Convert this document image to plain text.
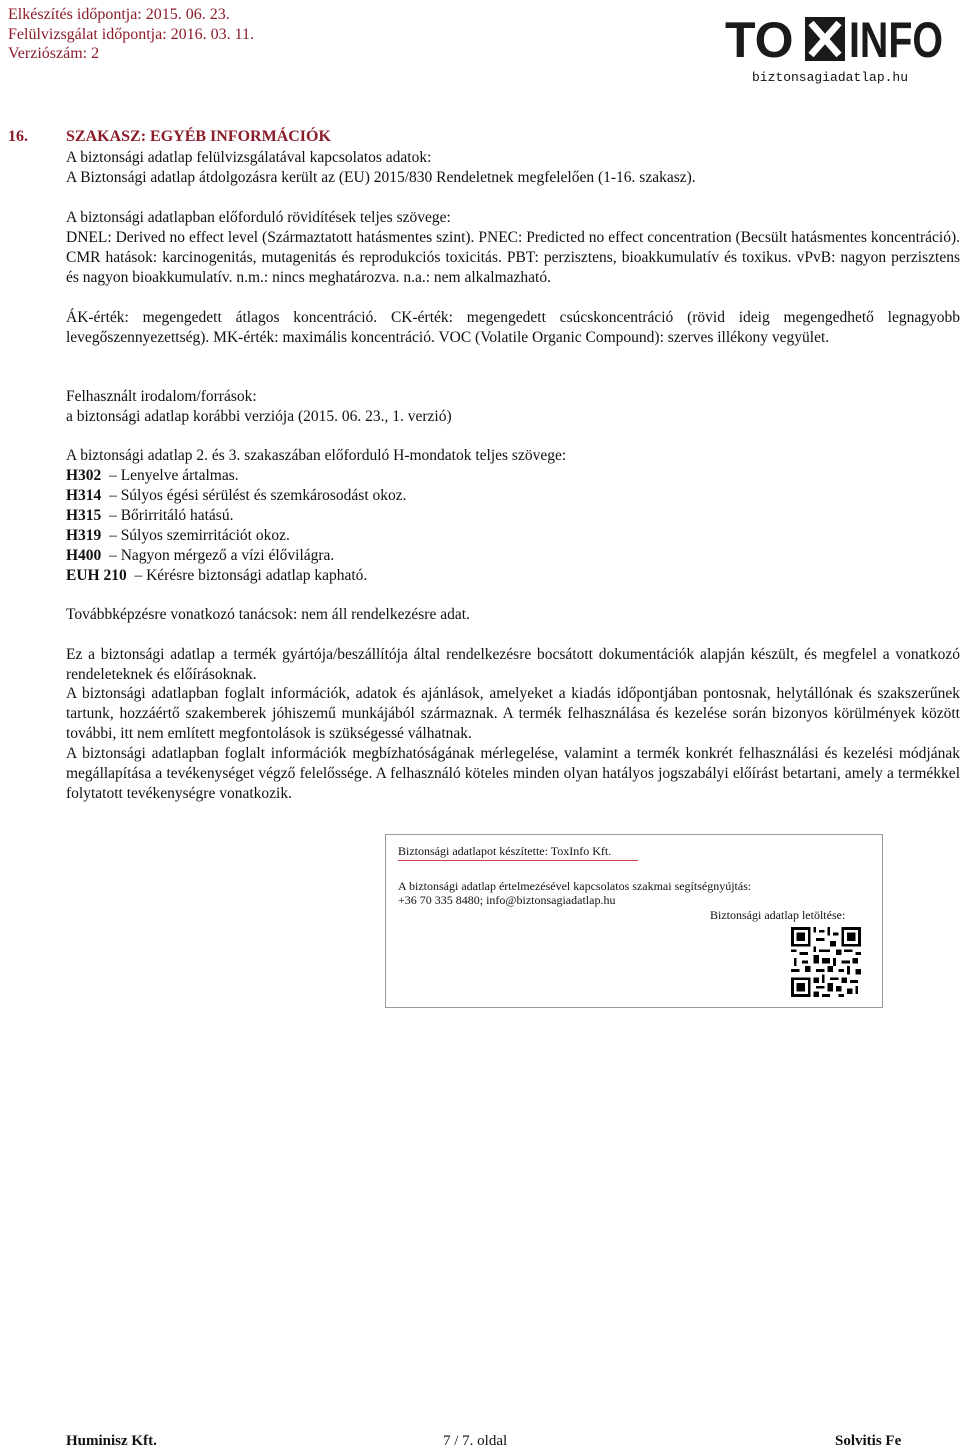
Elkészítés időpontja: 2015. 06. 23.
Felülvizsgálat időpontja: 2016. 03. 11.
Verziószám: 2	TO INFO
biztonsagiadatlap.hu
16. SZAKASZ: EGYÉB INFORMÁCIÓK
A biztonsági adatlap felülvizsgálatával kapcsolatos adatok:
A Biztonsági adatlap átdolgozásra került az (EU) 2015/830 Rendeletnek megfelelően (1-16. szakasz).
A biztonsági adatlapban előforduló rövidítések teljes szövege:
DNEL: Derived no effect level (Származtatott hatásmentes szint). PNEC: Predicted no effect concentration (Becsült hatásmentes koncentráció). CMR hatások: karcinogenitás, mutagenitás és reprodukciós toxicitás. PBT: perzisztens, bioakkumulatív és toxikus. vPvB: nagyon perzisztens és nagyon bioakkumulatív. n.m.: nincs meghatározva. n.a.: nem alkalmazható.
ÁK-érték: megengedett átlagos koncentráció. CK-érték: megengedett csúcskoncentráció (rövid ideig megengedhető legnagyobb levegőszennyezettség). MK-érték: maximális koncentráció. VOC (Volatile Organic Compound): szerves illékony vegyület.
Felhasznált irodalom/források:
a biztonsági adatlap korábbi verziója (2015. 06. 23., 1. verzió)
A biztonsági adatlap 2. és 3. szakaszában előforduló H-mondatok teljes szövege:
H302  – Lenyelve ártalmas.
H314  – Súlyos égési sérülést és szemkárosodást okoz.
H315  – Bőrirritáló hatású.
H319  – Súlyos szemirritációt okoz.
H400  – Nagyon mérgező a vízi élővilágra.
EUH 210  – Kérésre biztonsági adatlap kapható.
Továbbképzésre vonatkozó tanácsok: nem áll rendelkezésre adat.
Ez a biztonsági adatlap a termék gyártója/beszállítója által rendelkezésre bocsátott dokumentációk alapján készült, és megfelel a vonatkozó rendeleteknek és előírásoknak.
A biztonsági adatlapban foglalt információk, adatok és ajánlások, amelyeket a kiadás időpontjában pontosnak, helytállónak és szakszerűnek tartunk, hozzáértő szakemberek jóhiszemű munkájából származnak. A termék felhasználása és kezelése során bizonyos körülmények között további, itt nem említett megfontolások is szükségessé válhatnak.
A biztonsági adatlapban foglalt információk megbízhatóságának mérlegelése, valamint a termék konkrét felhasználási és kezelési módjának megállapítása a tevékenységet végző felelőssége. A felhasználó köteles minden olyan hatályos jogszabályi előírást betartani, amely a termékkel folytatott tevékenységre vonatkozik.
Biztonsági adatlapot készítette: ToxInfo Kft.
A biztonsági adatlap értelmezésével kapcsolatos szakmai segítségnyújtás:
+36 70 335 8480; info@biztonsagiadatlap.hu
Biztonsági adatlap letöltése:
Huminisz Kft.	7 / 7. oldal	Solvitis Fe
